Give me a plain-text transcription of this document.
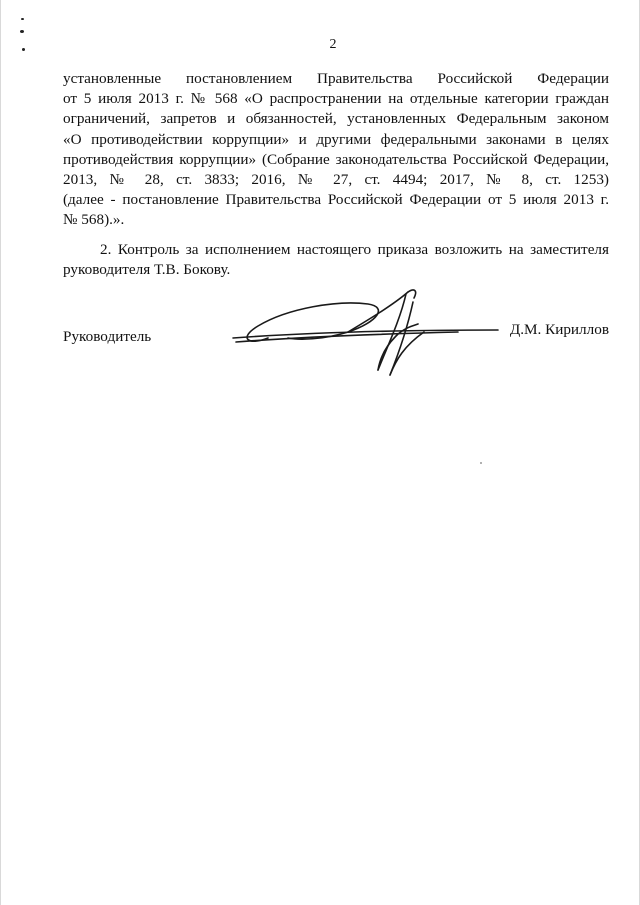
2

установленные постановлением Правительства Российской Федерации
от 5 июля 2013 г. № 568 «О распространении на отдельные категории граждан
ограничений, запретов и обязанностей, установленных Федеральным законом
«О противодействии коррупции» и другими федеральными законами в целях
противодействия коррупции» (Собрание законодательства Российской Федерации,
2013, № 28, ст. 3833; 2016, № 27, ст. 4494; 2017, № 8, ст. 1253)
(далее - постановление Правительства Российской Федерации от 5 июля 2013 г.
№ 568).».

2. Контроль за исполнением настоящего приказа возложить на заместителя
руководителя Т.В. Бокову.

Руководитель	Д.М. Кириллов
